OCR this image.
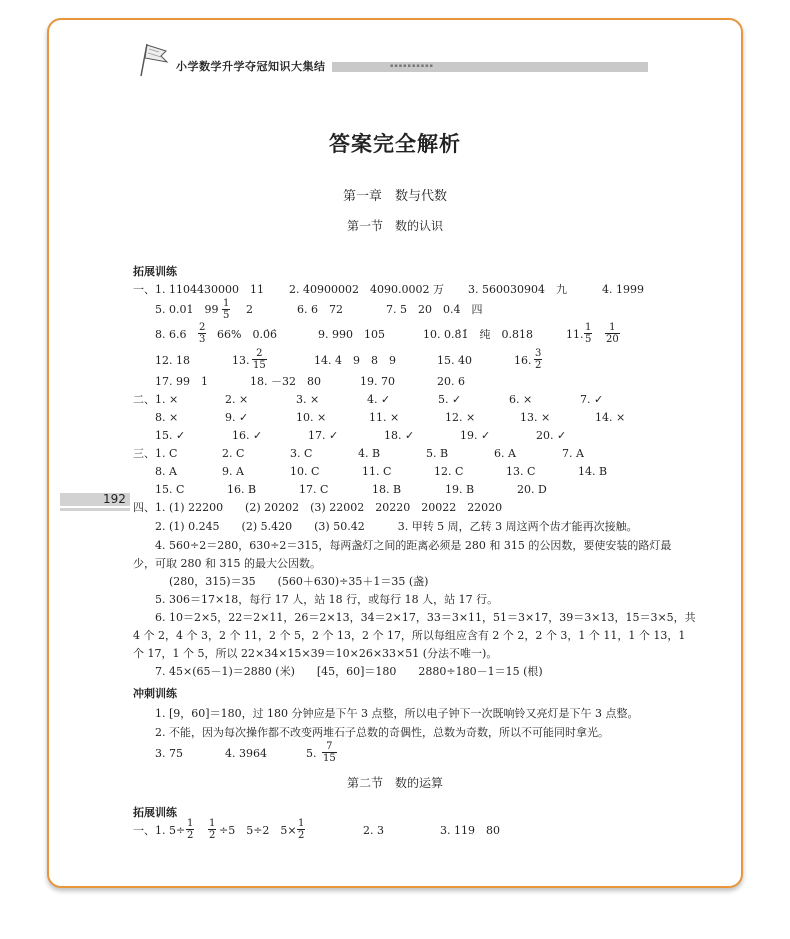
小学数学升学夺冠知识大集结	▪▪▪▪▪▪▪▪▪▪
答案完全解析
第一章　数与代数
第一节　数的认识
拓展训练
一、1. 1104430000　11 2. 40900002　4090.0002 万 3. 560030904　九	4. 1999
5. 0.01　$99 \frac{1}{5} 2$	6. 6　72	7. 5　20　0.4　四
8. $6.6 \frac{2}{3} 66\%$　0.0̇6̇	9. 990　105	10. 0.8̇1̇　纯　0.818	11. $\frac{1}{5} \frac{1}{20}$
12. 18	13. $\frac{2}{15}$	14. 4　9　8　9	15. 40	16. $\frac{3}{2}$
17. 99　1	18. －32　80	19. 70	20. 6
二、1. ×	2. ×	3. ×	4. ✓	5. ✓	6. ×	7. ✓
8. ×	9. ✓	10. ×	11. ×	12. ×	13. ×	14. ×
15. ✓	16. ✓	17. ✓	18. ✓	19. ✓	20. ✓
三、1. C	2. C	3. C	4. B	5. B	6. A	7. A
8. A	9. A	10. C	11. C	12. C	13. C	14. B
15. C	16. B	17. C	18. B	19. B	20. D
192
四、1. (1) 22200　　(2) 20202　(3) 22002　20220　20022　22020
2. (1) 0.245　　(2) 5.420　　(3) 50.42　　　3. 甲转 5 周，乙转 3 周这两个齿才能再次接触。
4. 560÷2＝280，630÷2＝315，每两盏灯之间的距离必须是 280 和 315 的公因数，要使安装的路灯最
少，可取 280 和 315 的最大公因数。
(280，315)＝35　　(560＋630)÷35＋1＝35 (盏)
5. 306＝17×18，每行 17 人，站 18 行，或每行 18 人，站 17 行。
6. 10＝2×5，22＝2×11，26＝2×13，34＝2×17，33＝3×11，51＝3×17，39＝3×13，15＝3×5，共
4 个 2，4 个 3，2 个 11，2 个 5，2 个 13，2 个 17，所以每组应含有 2 个 2，2 个 3，1 个 11，1 个 13，1
个 17，1 个 5，所以 22×34×15×39＝10×26×33×51 (分法不唯一)。
7. 45×(65－1)＝2880 (米)　　[45，60]＝180　　2880÷180－1＝15 (根)
冲刺训练
1. [9，60]＝180，过 180 分钟应是下午 3 点整，所以电子钟下一次既响铃又亮灯是下午 3 点整。
2. 不能，因为每次操作都不改变两堆石子总数的奇偶性，总数为奇数，所以不可能同时拿光。
3. 75	4. 3964	5. $\frac{7}{15}$
第二节　数的运算
拓展训练
一、1. $5\div \frac{1}{2} \frac{1}{2} \div 5$　5÷2　$5\times \frac{1}{2}$	2. 3	3. 119　80
